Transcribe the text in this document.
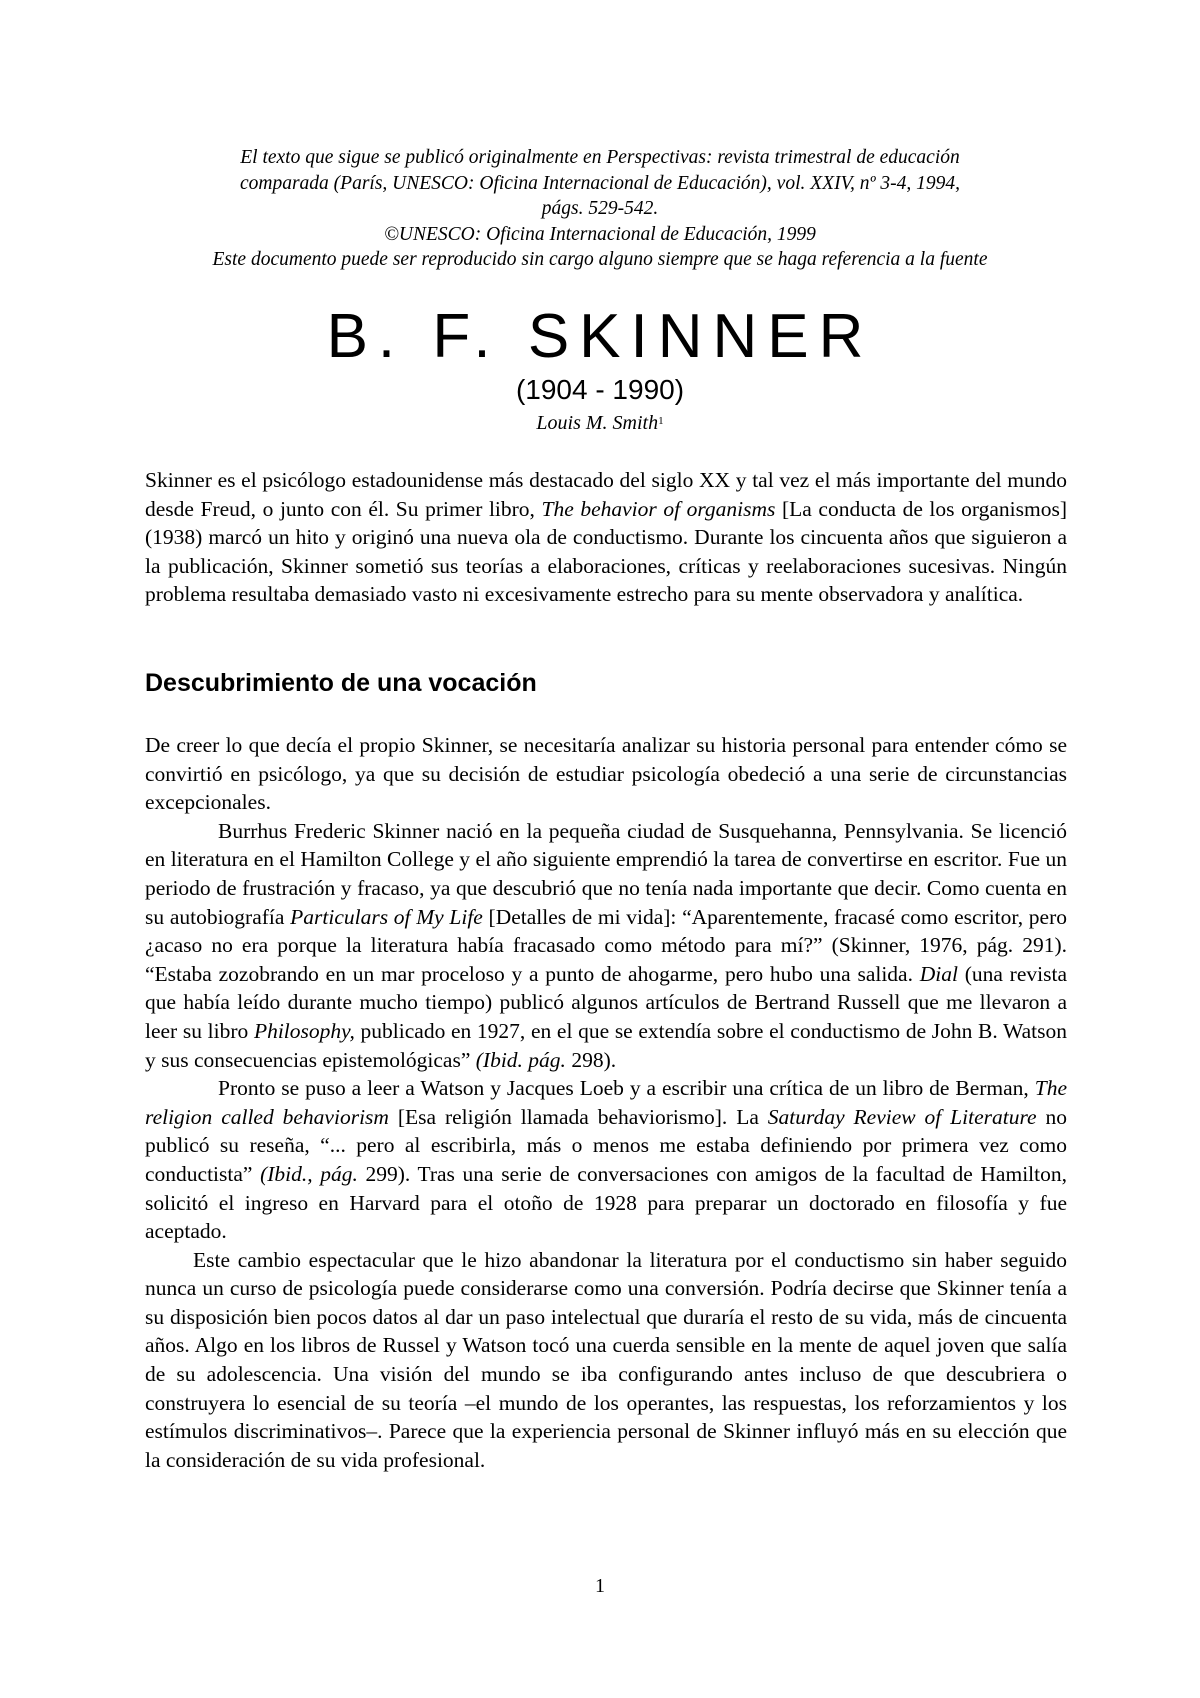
El texto que sigue se publicó originalmente en Perspectivas: revista trimestral de educación
comparada (París, UNESCO: Oficina Internacional de Educación), vol. XXIV, nº 3-4, 1994,
págs. 529-542.
©UNESCO: Oficina Internacional de Educación, 1999
Este documento puede ser reproducido sin cargo alguno siempre que se haga referencia a la fuente
B. F. SKINNER
(1904 - 1990)
Louis M. Smith$^1$

Skinner es el psicólogo estadounidense más destacado del siglo XX y tal vez el más importante del mundo desde Freud, o junto con él. Su primer libro, The behavior of organisms [La conducta de los organismos] (1938) marcó un hito y originó una nueva ola de conductismo. Durante los cincuenta años que siguieron a la publicación, Skinner sometió sus teorías a elaboraciones, críticas y reelaboraciones sucesivas. Ningún problema resultaba demasiado vasto ni excesivamente estrecho para su mente observadora y analítica.

Descubrimiento de una vocación

De creer lo que decía el propio Skinner, se necesitaría analizar su historia personal para entender cómo se convirtió en psicólogo, ya que su decisión de estudiar psicología obedeció a una serie de circunstancias excepcionales.

Burrhus Frederic Skinner nació en la pequeña ciudad de Susquehanna, Pennsylvania. Se licenció en literatura en el Hamilton College y el año siguiente emprendió la tarea de convertirse en escritor. Fue un periodo de frustración y fracaso, ya que descubrió que no tenía nada importante que decir. Como cuenta en su autobiografía Particulars of My Life [Detalles de mi vida]: “Aparentemente, fracasé como escritor, pero ¿acaso no era porque la literatura había fracasado como método para mí?” (Skinner, 1976, pág. 291). “Estaba zozobrando en un mar proceloso y a punto de ahogarme, pero hubo una salida. Dial (una revista que había leído durante mucho tiempo) publicó algunos artículos de Bertrand Russell que me llevaron a leer su libro Philosophy, publicado en 1927, en el que se extendía sobre el conductismo de John B. Watson y sus consecuencias epistemológicas” (Ibid. pág. 298).

Pronto se puso a leer a Watson y Jacques Loeb y a escribir una crítica de un libro de Berman, The religion called behaviorism [Esa religión llamada behaviorismo]. La Saturday Review of Literature no publicó su reseña, “... pero al escribirla, más o menos me estaba definiendo por primera vez como conductista” (Ibid., pág. 299). Tras una serie de conversaciones con amigos de la facultad de Hamilton, solicitó el ingreso en Harvard para el otoño de 1928 para preparar un doctorado en filosofía y fue aceptado.

Este cambio espectacular que le hizo abandonar la literatura por el conductismo sin haber seguido nunca un curso de psicología puede considerarse como una conversión. Podría decirse que Skinner tenía a su disposición bien pocos datos al dar un paso intelectual que duraría el resto de su vida, más de cincuenta años. Algo en los libros de Russel y Watson tocó una cuerda sensible en la mente de aquel joven que salía de su adolescencia. Una visión del mundo se iba configurando antes incluso de que descubriera o construyera lo esencial de su teoría –el mundo de los operantes, las respuestas, los reforzamientos y los estímulos discriminativos–. Parece que la experiencia personal de Skinner influyó más en su elección que la consideración de su vida profesional.

1
